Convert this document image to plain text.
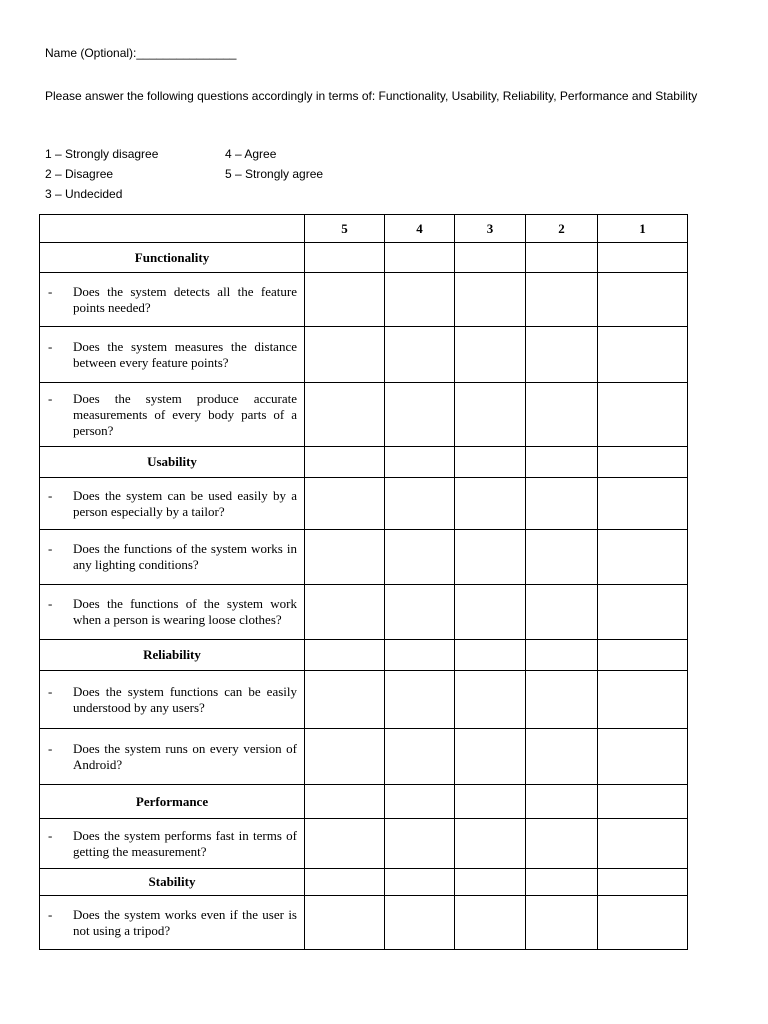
Name (Optional):_______________
Please answer the following questions accordingly in terms of: Functionality, Usability, Reliability, Performance and Stability
1 – Strongly disagree
2 – Disagree
3 – Undecided
4 – Agree
5 – Strongly agree
	5	4	3	2	1
Functionality					

- Does the system detects all the feature points needed?					

- Does the system measures the distance between every feature points?					

- Does the system produce accurate measurements of every body parts of a person?					

Usability					

- Does the system can be used easily by a person especially by a tailor?					

- Does the functions of the system works in any lighting conditions?					

- Does the functions of the system work when a person is wearing loose clothes?					

Reliability					

- Does the system functions can be easily understood by any users?					

- Does the system runs on every version of Android?					

Performance					

- Does the system performs fast in terms of getting the measurement?					

Stability					

- Does the system works even if the user is not using a tripod?					
